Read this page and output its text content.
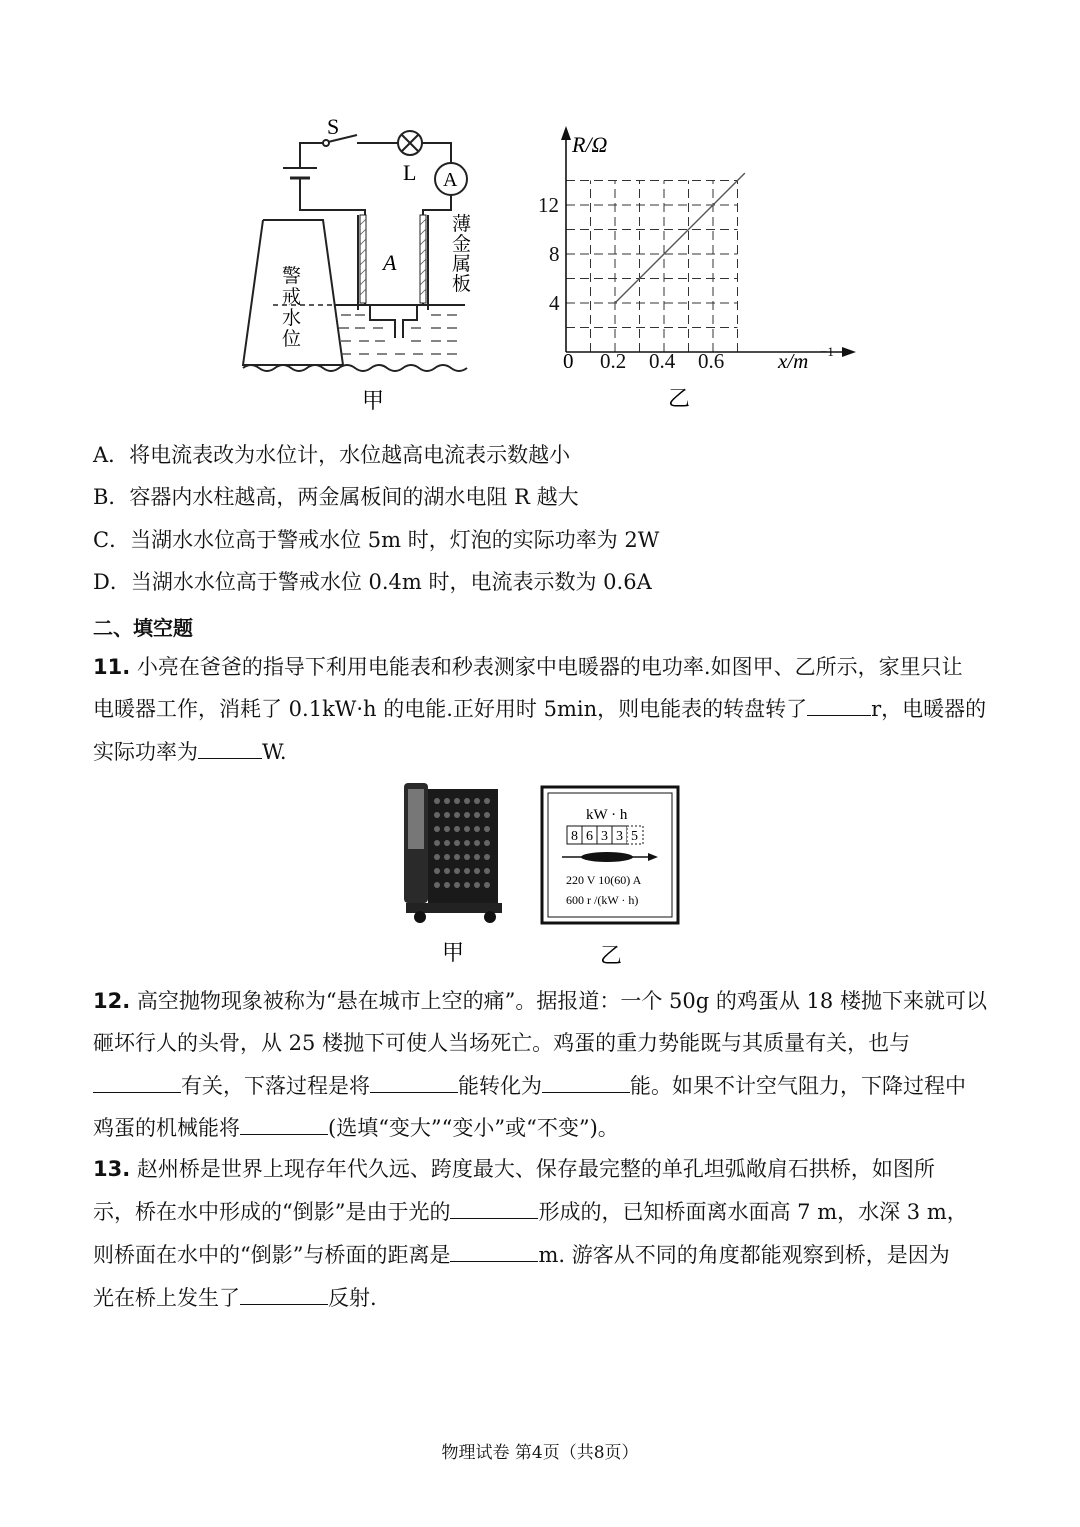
S
L A
A
薄
金
属
板
警
戒
水
位
甲
0.2 0.4 0.6
4
8
12
R/Ω
x/m −1
0
乙
A．将电流表改为水位计，水位越高电流表示数越小
B．容器内水柱越高，两金属板间的湖水电阻 R 越大
C．当湖水水位高于警戒水位 5m 时，灯泡的实际功率为 2W
D．当湖水水位高于警戒水位 0.4m 时，电流表示数为 0.6A
二、填空题
11. 小亮在爸爸的指导下利用电能表和秒表测家中电暖器的电功率.如图甲、乙所示，家里只让
电暖器工作，消耗了 0.1kW·h 的电能.正好用时 5min，则电能表的转盘转了	r，电暖器的
实际功率为	W.
kW · h
8 6 3 3 5
220 V 10(60) A
600 r /(kW · h)
甲	乙
12. 高空抛物现象被称为“悬在城市上空的痛”。据报道：一个 50g 的鸡蛋从 18 楼抛下来就可以
砸坏行人的头骨，从 25 楼抛下可使人当场死亡。鸡蛋的重力势能既与其质量有关，也与
有关，下落过程是将	能转化为	能。如果不计空气阻力，下降过程中
鸡蛋的机械能将	(选填“变大”“变小”或“不变”)。
13. 赵州桥是世界上现存年代久远、跨度最大、保存最完整的单孔坦弧敞肩石拱桥，如图所
示，桥在水中形成的“倒影”是由于光的	形成的，已知桥面离水面高 7 m，水深 3 m，
则桥面在水中的“倒影”与桥面的距离是	m. 游客从不同的角度都能观察到桥，是因为
光在桥上发生了	反射.
物理试卷 第4页（共8页）
